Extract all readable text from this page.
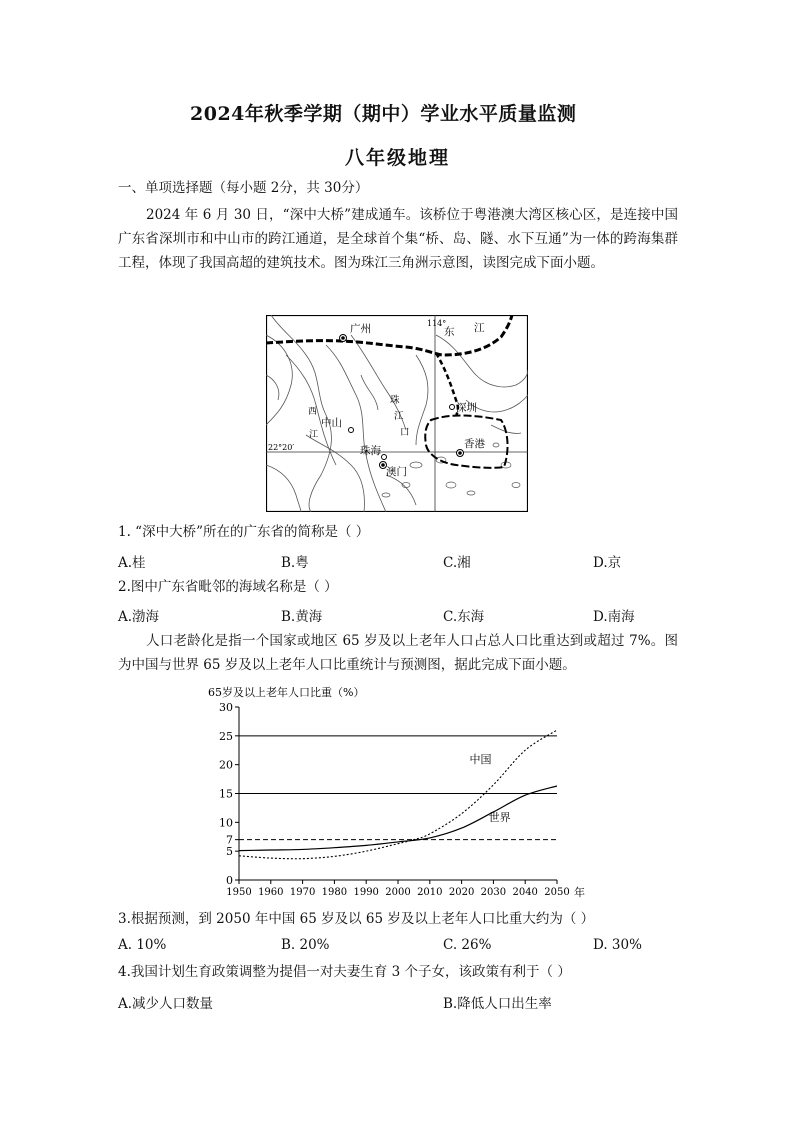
2024年秋季学期（期中）学业水平质量监测
八年级地理
一、单项选择题（每小题 2分，共 30分）
2024 年 6 月 30 日，“深中大桥”建成通车。该桥位于粤港澳大湾区核心区，是连接中国广东省深圳市和中山市的跨江通道，是全球首个集“桥、岛、隧、水下互通”为一体的跨海集群工程，体现了我国高超的建筑技术。图为珠江三角洲示意图，读图完成下面小题。
广州	114°
东 江
珠
江
口
西
江
中山
深圳
22°20′	珠海
香港
澳门
1. “深中大桥”所在的广东省的简称是（ ）
A.桂	B.粤	C.湘	D.京
2.图中广东省毗邻的海域名称是（ ）
A.渤海	B.黄海	C.东海	D.南海
人口老龄化是指一个国家或地区 65 岁及以上老年人口占总人口比重达到或超过 7%。图为中国与世界 65 岁及以上老年人口比重统计与预测图，据此完成下面小题。
65岁及以上老年人口比重（%）
年
0
5
7
10
15
20
25
30
1950 1960 1970 1980 1990 2000 2010 2020 2030 2040 2050
中国
世界
3.根据预测，到 2050 年中国 65 岁及以 65 岁及以上老年人口比重大约为（ ）
A. 10%	B. 20%	C. 26%	D. 30%
4.我国计划生育政策调整为提倡一对夫妻生育 3 个子女，该政策有利于（ ）
A.减少人口数量	B.降低人口出生率
